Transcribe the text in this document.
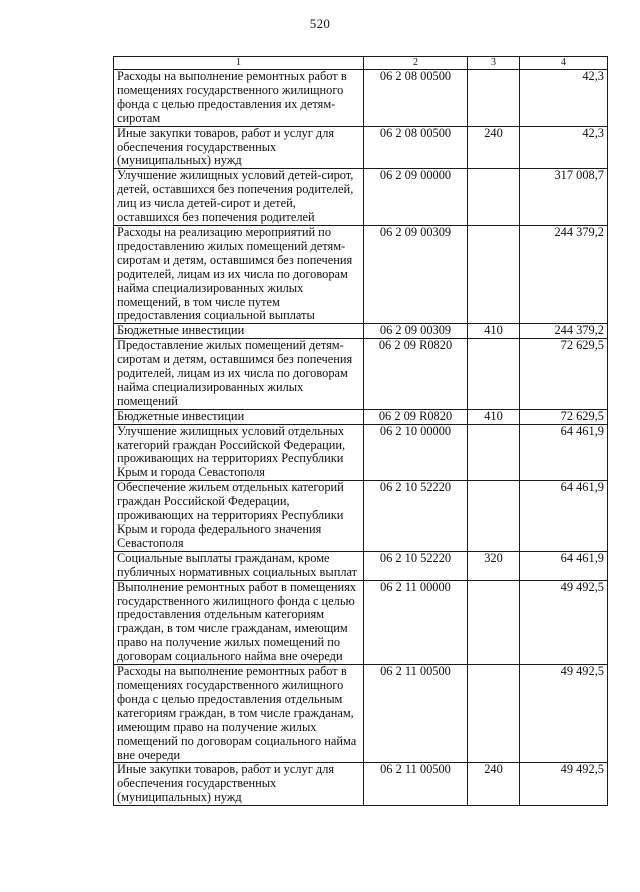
520
1	2	3	4
Расходы на выполнение ремонтных работ в помещениях государственного жилищного фонда с целью предоставления их детям-сиротам	06 2 08 00500		42,3
Иные закупки товаров, работ и услуг для обеспечения государственных (муниципальных) нужд	06 2 08 00500	240	42,3
Улучшение жилищных условий детей-сирот, детей, оставшихся без попечения родителей, лиц из числа детей-сирот и детей, оставшихся без попечения родителей	06 2 09 00000		317 008,7
Расходы на реализацию мероприятий по предоставлению жилых помещений детям-сиротам и детям, оставшимся без попечения родителей, лицам из их числа по договорам найма специализированных жилых помещений, в том числе путем предоставления социальной выплаты	06 2 09 00309		244 379,2
Бюджетные инвестиции	06 2 09 00309	410	244 379,2
Предоставление жилых помещений детям-сиротам и детям, оставшимся без попечения родителей, лицам из их числа по договорам найма специализированных жилых помещений	06 2 09 R0820		72 629,5
Бюджетные инвестиции	06 2 09 R0820	410	72 629,5
Улучшение жилищных условий отдельных категорий граждан Российской Федерации, проживающих на территориях Республики Крым и города Севастополя	06 2 10 00000		64 461,9
Обеспечение жильем отдельных категорий граждан Российской Федерации, проживающих на территориях Республики Крым и города федерального значения Севастополя	06 2 10 52220		64 461,9
Социальные выплаты гражданам, кроме публичных нормативных социальных выплат	06 2 10 52220	320	64 461,9
Выполнение ремонтных работ в помещениях государственного жилищного фонда с целью предоставления отдельным категориям граждан, в том числе гражданам, имеющим право на получение жилых помещений по договорам социального найма вне очереди	06 2 11 00000		49 492,5
Расходы на выполнение ремонтных работ в помещениях государственного жилищного фонда с целью предоставления отдельным категориям граждан, в том числе гражданам, имеющим право на получение жилых помещений по договорам социального найма вне очереди	06 2 11 00500		49 492,5
Иные закупки товаров, работ и услуг для обеспечения государственных (муниципальных) нужд	06 2 11 00500	240	49 492,5
